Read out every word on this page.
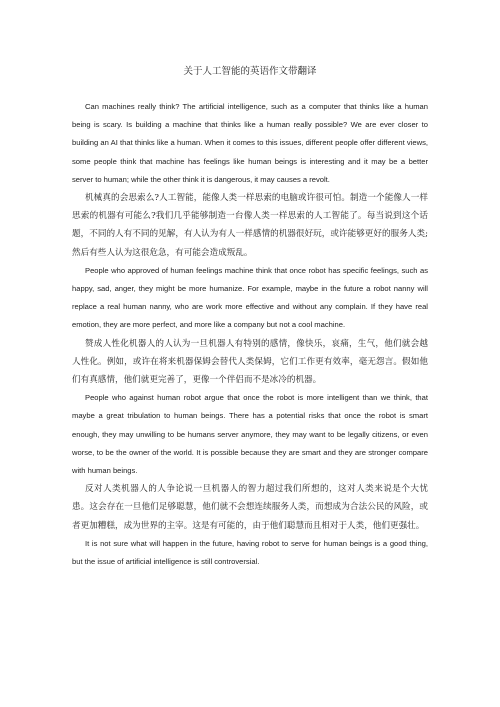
关于人工智能的英语作文带翻译

Can machines really think? The artificial intelligence, such as a computer that thinks like a human being is scary. Is building a machine that thinks like a human really possible? We are ever closer to building an AI that thinks like a human. When it comes to this issues, different people offer different views, some people think that machine has feelings like human beings is interesting and it may be a better server to human; while the other think it is dangerous, it may causes a revolt.

机械真的会思索么?人工智能，能像人类一样思索的电脑或许很可怕。制造一个能像人一样思索的机器有可能么?我们几乎能够制造一台像人类一样思索的人工智能了。每当说到这个话题，不同的人有不同的见解，有人认为有人一样感情的机器很好玩，或许能够更好的服务人类;然后有些人认为这很危急，有可能会造成叛乱。

People who approved of human feelings machine think that once robot has specific feelings, such as happy, sad, anger, they might be more humanize. For example, maybe in the future a robot nanny will replace a real human nanny, who are work more effective and without any complain. If they have real emotion, they are more perfect, and more like a company but not a cool machine.

赞成人性化机器人的人认为一旦机器人有特别的感情，像快乐，哀痛，生气，他们就会越人性化。例如，或许在将来机器保姆会替代人类保姆，它们工作更有效率，毫无怨言。假如他们有真感情，他们就更完善了，更像一个伴侣而不是冰冷的机器。

People who against human robot argue that once the robot is more intelligent than we think, that maybe a great tribulation to human beings. There has a potential risks that once the robot is smart enough, they may unwilling to be humans server anymore, they may want to be legally citizens, or even worse, to be the owner of the world. It is possible because they are smart and they are stronger compare with human beings.

反对人类机器人的人争论说一旦机器人的智力超过我们所想的，这对人类来说是个大忧患。这会存在一旦他们足够聪慧，他们就不会想连续服务人类，而想成为合法公民的风险，或者更加糟糕，成为世界的主宰。这是有可能的，由于他们聪慧而且相对于人类，他们更强壮。

It is not sure what will happen in the future, having robot to serve for human beings is a good thing, but the issue of artificial intelligence is still controversial.
